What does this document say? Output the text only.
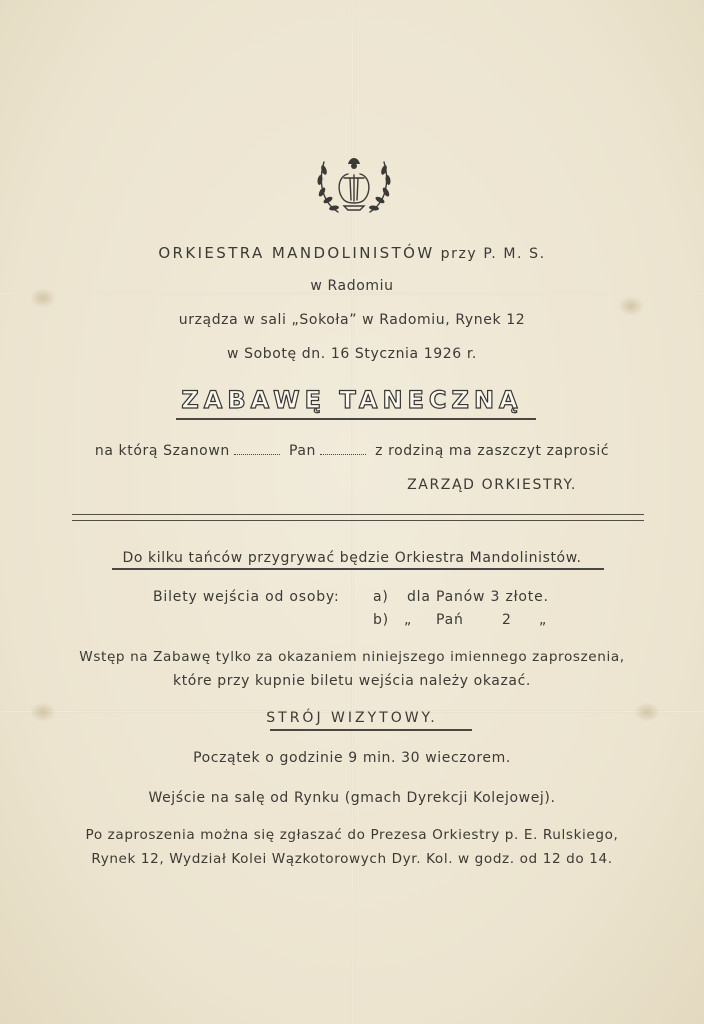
ORKIESTRA MANDOLINISTÓW przy P. M. S.
w Radomiu
urządza w sali „Sokoła” w Radomiu, Rynek 12
w Sobotę dn. 16 Stycznia 1926 r.
ZABAWĘ TANECZNĄ
na którą Szanown	Pan	z rodziną ma zaszczyt zaprosić
ZARZĄD ORKIESTRY.
Do kilku tańców przygrywać będzie Orkiestra Mandolinistów.
Bilety wejścia od osoby: a) dla Panów 3 złote.
b) „ Pań	2 „
Wstęp na Zabawę tylko za okazaniem niniejszego imiennego zaproszenia,
które przy kupnie biletu wejścia należy okazać.
STRÓJ WIZYTOWY.
Początek o godzinie 9 min. 30 wieczorem.
Wejście na salę od Rynku (gmach Dyrekcji Kolejowej).
Po zaproszenia można się zgłaszać do Prezesa Orkiestry p. E. Rulskiego,
Rynek 12, Wydział Kolei Wązkotorowych Dyr. Kol. w godz. od 12 do 14.
